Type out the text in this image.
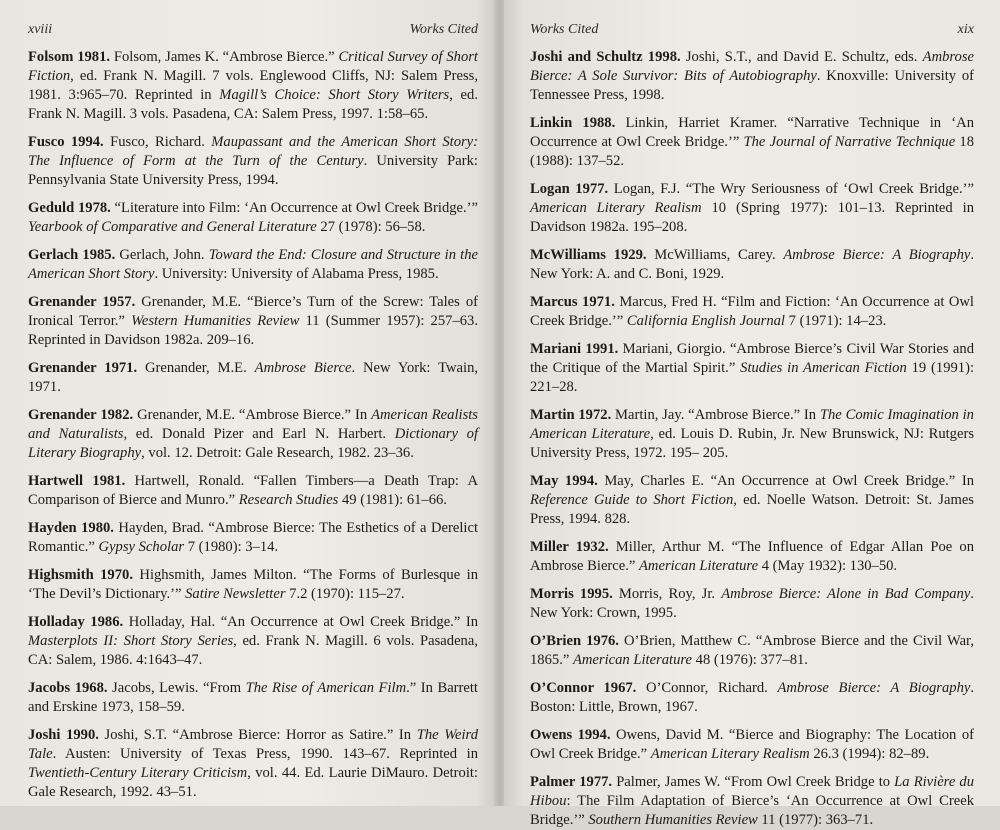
xviii	Works Cited

Folsom 1981. Folsom, James K. “Ambrose Bierce.” Critical Survey of Short Fiction, ed. Frank N. Magill. 7 vols. Englewood Cliffs, NJ: Salem Press, 1981. 3:965–70. Reprinted in Magill’s Choice: Short Story Writers, ed. Frank N. Magill. 3 vols. Pasadena, CA: Salem Press, 1997. 1:58–65.

Fusco 1994. Fusco, Richard. Maupassant and the American Short Story: The Influence of Form at the Turn of the Century. University Park: Pennsylvania State University Press, 1994.

Geduld 1978. “Literature into Film: ‘An Occurrence at Owl Creek Bridge.’” Yearbook of Comparative and General Literature 27 (1978): 56–58.

Gerlach 1985. Gerlach, John. Toward the End: Closure and Structure in the American Short Story. University: University of Alabama Press, 1985.

Grenander 1957. Grenander, M.E. “Bierce’s Turn of the Screw: Tales of Ironical Terror.” Western Humanities Review 11 (Summer 1957): 257–63. Reprinted in Davidson 1982a. 209–16.

Grenander 1971. Grenander, M.E. Ambrose Bierce. New York: Twain, 1971.

Grenander 1982. Grenander, M.E. “Ambrose Bierce.” In American Realists and Naturalists, ed. Donald Pizer and Earl N. Harbert. Dictionary of Literary Biography, vol. 12. Detroit: Gale Research, 1982. 23–36.

Hartwell 1981. Hartwell, Ronald. “Fallen Timbers—a Death Trap: A Comparison of Bierce and Munro.” Research Studies 49 (1981): 61–66.

Hayden 1980. Hayden, Brad. “Ambrose Bierce: The Esthetics of a Derelict Romantic.” Gypsy Scholar 7 (1980): 3–14.

Highsmith 1970. Highsmith, James Milton. “The Forms of Burlesque in ‘The Devil’s Dictionary.’” Satire Newsletter 7.2 (1970): 115–27.

Holladay 1986. Holladay, Hal. “An Occurrence at Owl Creek Bridge.” In Masterplots II: Short Story Series, ed. Frank N. Magill. 6 vols. Pasadena, CA: Salem, 1986. 4:1643–47.

Jacobs 1968. Jacobs, Lewis. “From The Rise of American Film.” In Barrett and Erskine 1973, 158–59.

Joshi 1990. Joshi, S.T. “Ambrose Bierce: Horror as Satire.” In The Weird Tale. Austen: University of Texas Press, 1990. 143–67. Reprinted in Twentieth-Century Literary Criticism, vol. 44. Ed. Laurie DiMauro. Detroit: Gale Research, 1992. 43–51.

Works Cited	xix

Joshi and Schultz 1998. Joshi, S.T., and David E. Schultz, eds. Ambrose Bierce: A Sole Survivor: Bits of Autobiography. Knoxville: University of Tennessee Press, 1998.

Linkin 1988. Linkin, Harriet Kramer. “Narrative Technique in ‘An Occurrence at Owl Creek Bridge.’” The Journal of Narrative Technique 18 (1988): 137–52.

Logan 1977. Logan, F.J. “The Wry Seriousness of ‘Owl Creek Bridge.’” American Literary Realism 10 (Spring 1977): 101–13. Reprinted in Davidson 1982a. 195–208.

McWilliams 1929. McWilliams, Carey. Ambrose Bierce: A Biography. New York: A. and C. Boni, 1929.

Marcus 1971. Marcus, Fred H. “Film and Fiction: ‘An Occurrence at Owl Creek Bridge.’” California English Journal 7 (1971): 14–23.

Mariani 1991. Mariani, Giorgio. “Ambrose Bierce’s Civil War Stories and the Critique of the Martial Spirit.” Studies in American Fiction 19 (1991): 221–28.

Martin 1972. Martin, Jay. “Ambrose Bierce.” In The Comic Imagination in American Literature, ed. Louis D. Rubin, Jr. New Brunswick, NJ: Rutgers University Press, 1972. 195– 205.

May 1994. May, Charles E. “An Occurrence at Owl Creek Bridge.” In Reference Guide to Short Fiction, ed. Noelle Watson. Detroit: St. James Press, 1994. 828.

Miller 1932. Miller, Arthur M. “The Influence of Edgar Allan Poe on Ambrose Bierce.” American Literature 4 (May 1932): 130–50.

Morris 1995. Morris, Roy, Jr. Ambrose Bierce: Alone in Bad Company. New York: Crown, 1995.

O’Brien 1976. O’Brien, Matthew C. “Ambrose Bierce and the Civil War, 1865.” American Literature 48 (1976): 377–81.

O’Connor 1967. O’Connor, Richard. Ambrose Bierce: A Biography. Boston: Little, Brown, 1967.

Owens 1994. Owens, David M. “Bierce and Biography: The Location of Owl Creek Bridge.” American Literary Realism 26.3 (1994): 82–89.

Palmer 1977. Palmer, James W. “From Owl Creek Bridge to La Rivière du Hibou: The Film Adaptation of Bierce’s ‘An Occurrence at Owl Creek Bridge.’” Southern Humanities Review 11 (1977): 363–71.
